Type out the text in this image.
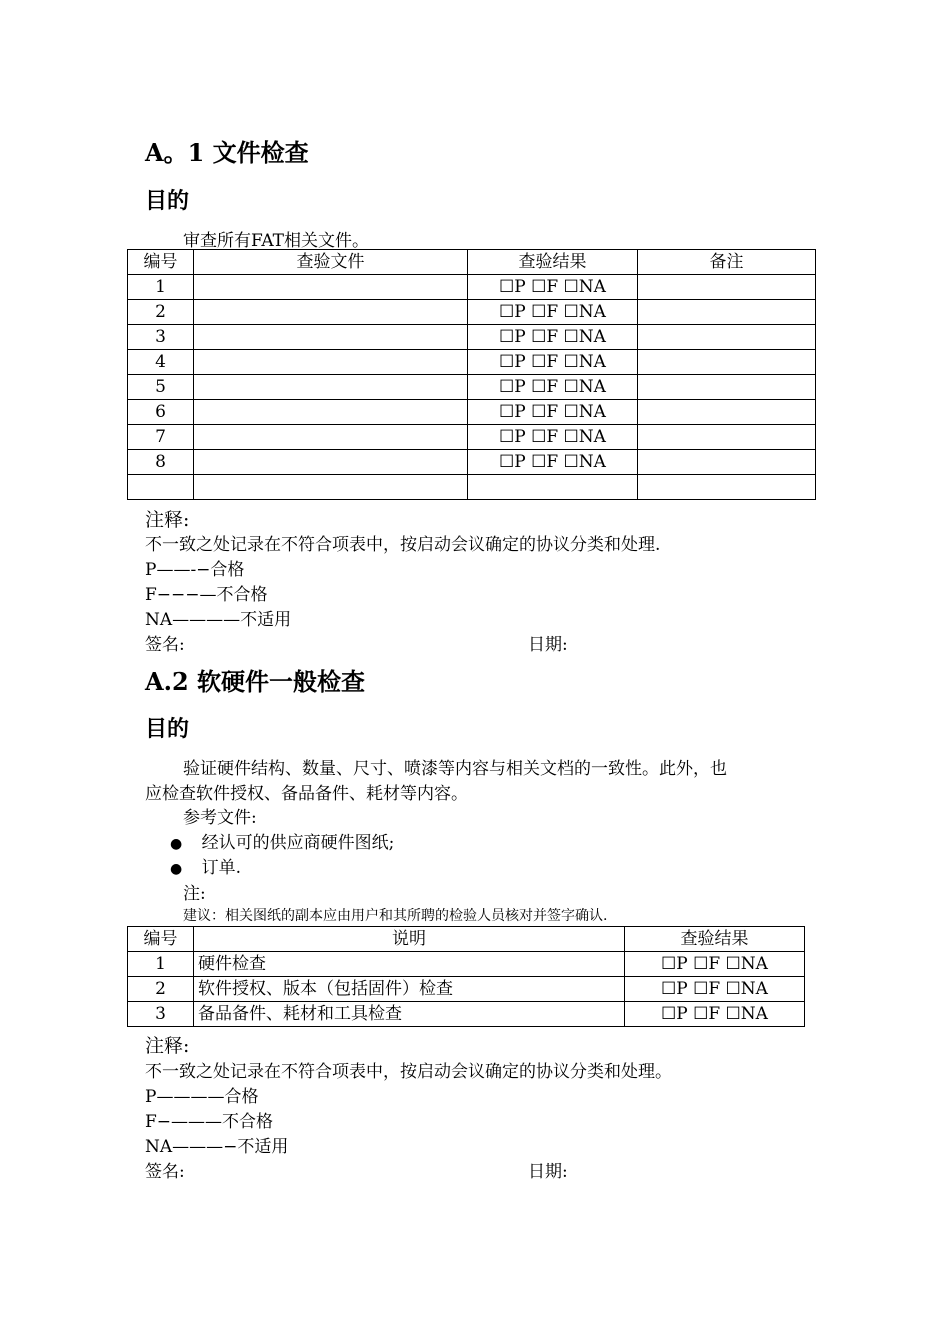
A。1 文件检查
目的
审查所有FAT相关文件。
编号	查验文件	查验结果	备注
1		☐P ☐F ☐NA	
2		☐P ☐F ☐NA	
3		☐P ☐F ☐NA	
4		☐P ☐F ☐NA	
5		☐P ☐F ☐NA	
6		☐P ☐F ☐NA	
7		☐P ☐F ☐NA	
8		☐P ☐F ☐NA	

注释:
不一致之处记录在不符合项表中，按启动会议确定的协议分类和处理.
P——-−合格
F−−−—不合格
NA————不适用
签名:	日期:
A.2 软硬件一般检查
目的
验证硬件结构、数量、尺寸、喷漆等内容与相关文档的一致性。此外，也
应检查软件授权、备品备件、耗材等内容。
参考文件:
● 经认可的供应商硬件图纸;
● 订单.
注:
建议：相关图纸的副本应由用户和其所聘的检验人员核对并签字确认.
编号	说明	查验结果
1	硬件检查	☐P ☐F ☐NA
2	软件授权、版本（包括固件）检查	☐P ☐F ☐NA
3	备品备件、耗材和工具检查	☐P ☐F ☐NA
注释:
不一致之处记录在不符合项表中，按启动会议确定的协议分类和处理。
P————合格
F−———不合格
NA———−不适用
签名:	日期:
